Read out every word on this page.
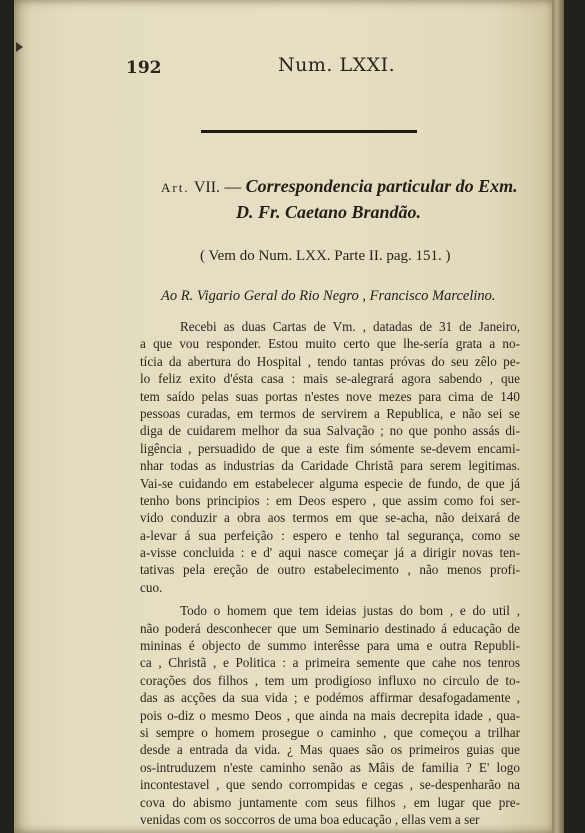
192	Num. LXXI.
Art. VII. — Correspondencia particular do Exm.
D. Fr. Caetano Brandão.
( Vem do Num. LXX. Parte II. pag. 151. )
Ao R. Vigario Geral do Rio Negro , Francisco Marcelino.
Recebi as duas Cartas de Vm. , datadas de 31 de Janeiro,
a que vou responder. Estou muito certo que lhe-sería grata a no-
tícia da abertura do Hospital , tendo tantas próvas do seu zêlo pe-
lo feliz exito d'ésta casa : mais se-alegrará agora sabendo , que
tem saído pelas suas portas n'estes nove mezes para cima de 140
pessoas curadas, em termos de servirem a Republica, e não sei se
diga de cuidarem melhor da sua Salvação ; no que ponho assás di-
ligência , persuadido de que a este fim sómente se-devem encami-
nhar todas as industrias da Caridade Christã para serem legitimas.
Vai-se cuidando em estabelecer alguma especie de fundo, de que já
tenho bons principios : em Deos espero , que assim como foi ser-
vido conduzir a obra aos termos em que se-acha, não deixará de
a-levar á sua perfeição : espero e tenho tal segurança, como se
a-visse concluida : e d' aqui nasce começar já a dirigir novas ten-
tativas pela ereção de outro estabelecimento , não menos profi-
cuo.
Todo o homem que tem ideias justas do bom , e do util ,
não poderá desconhecer que um Seminario destinado á educação de
mininas é objecto de summo interêsse para uma e outra Republi-
ca , Christã , e Politica : a primeira semente que cahe nos tenros
corações dos filhos , tem um prodigioso influxo no circulo de to-
das as acções da sua vida ; e podémos affirmar desafogadamente ,
pois o-diz o mesmo Deos , que ainda na mais decrepita idade , qua-
si sempre o homem prosegue o caminho , que começou a trilhar
desde a entrada da vida. ¿ Mas quaes são os primeiros guias que
os-intruduzem n'este caminho senão as Mâis de familia ? E' logo
incontestavel , que sendo corrompidas e cegas , se-despenharão na
cova do abismo juntamente com seus filhos , em lugar que pre-
venidas com os soccorros de uma boa educação , ellas vem a ser
